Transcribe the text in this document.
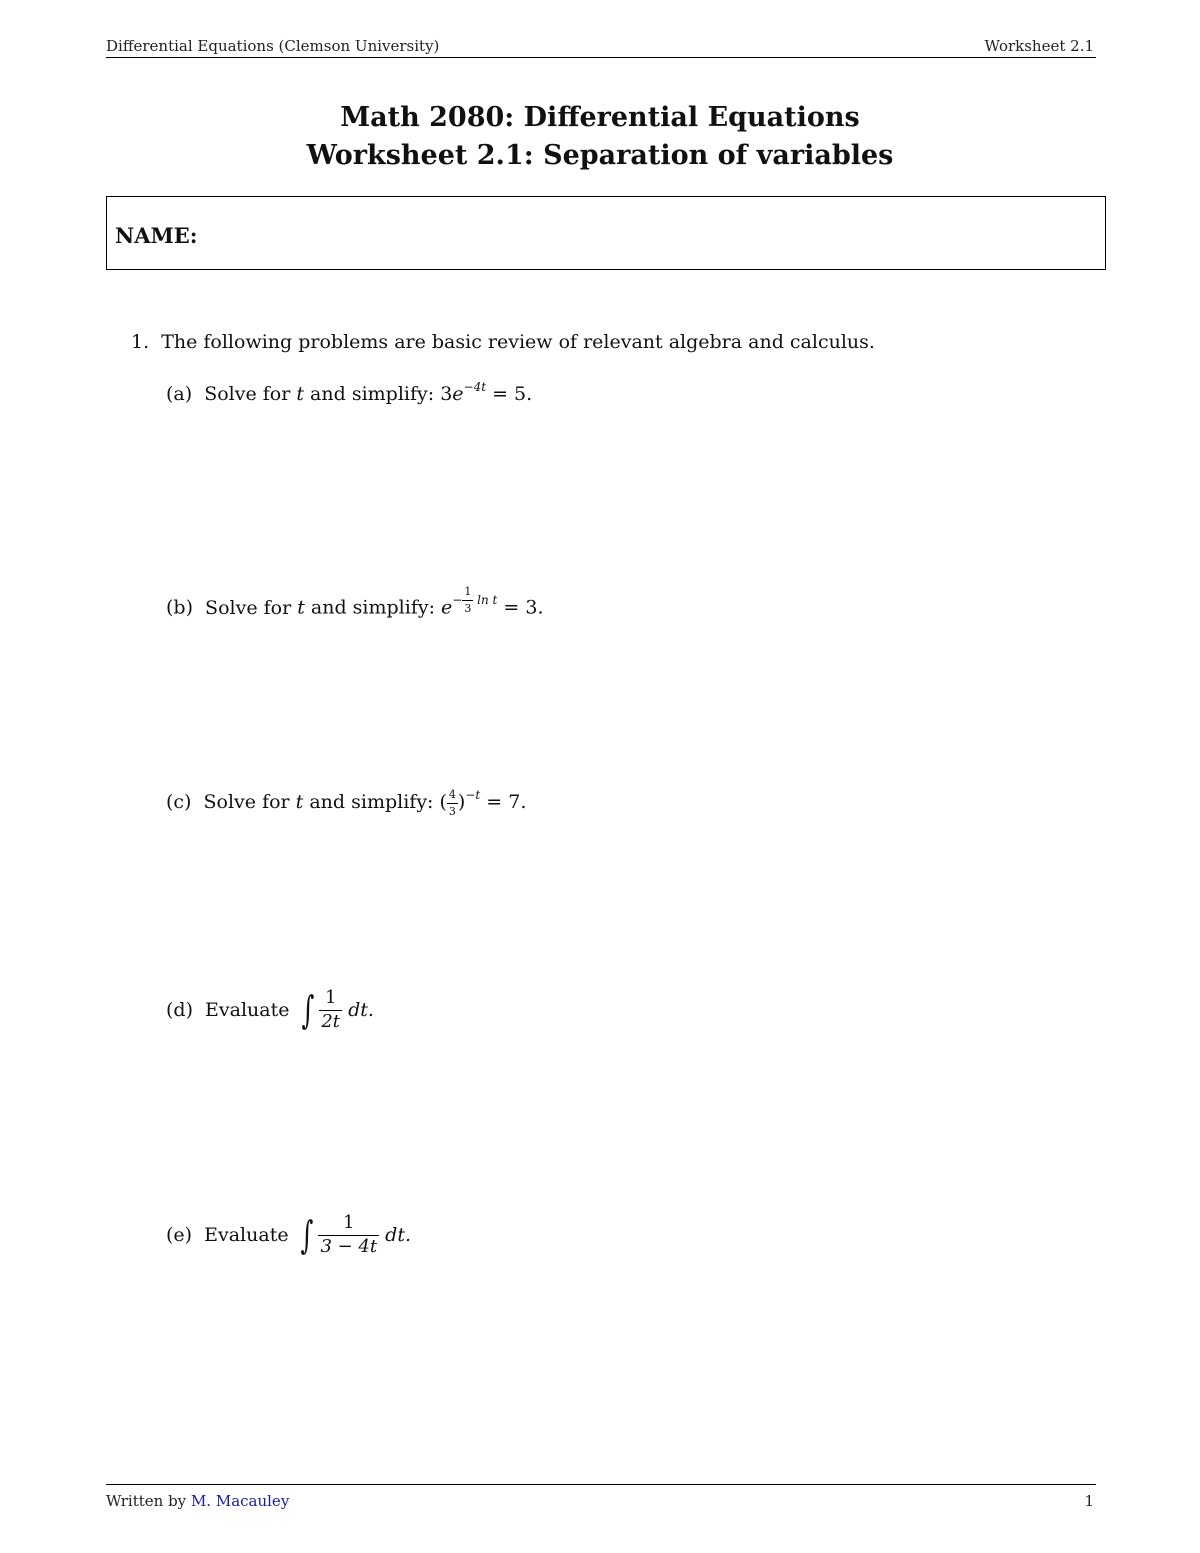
Differential Equations (Clemson University)	Worksheet 2.1
Math 2080: Differential Equations
Worksheet 2.1: Separation of variables
NAME:
1. The following problems are basic review of relevant algebra and calculus.
(a) Solve for t and simplify: $3e^{-4t} = 5$.
(b) Solve for t and simplify: $e^{- \frac{1}{3} ln t} = 3$.
(c) Solve for t and simplify: ( $\frac{4}{3} )^{-t} = 7$.
(d) Evaluate ∫ $\frac{1}{2t}$ dt.
(e) Evaluate ∫ $\frac{1}{3 - 4t}$ dt.
Written by M. Macauley	1
